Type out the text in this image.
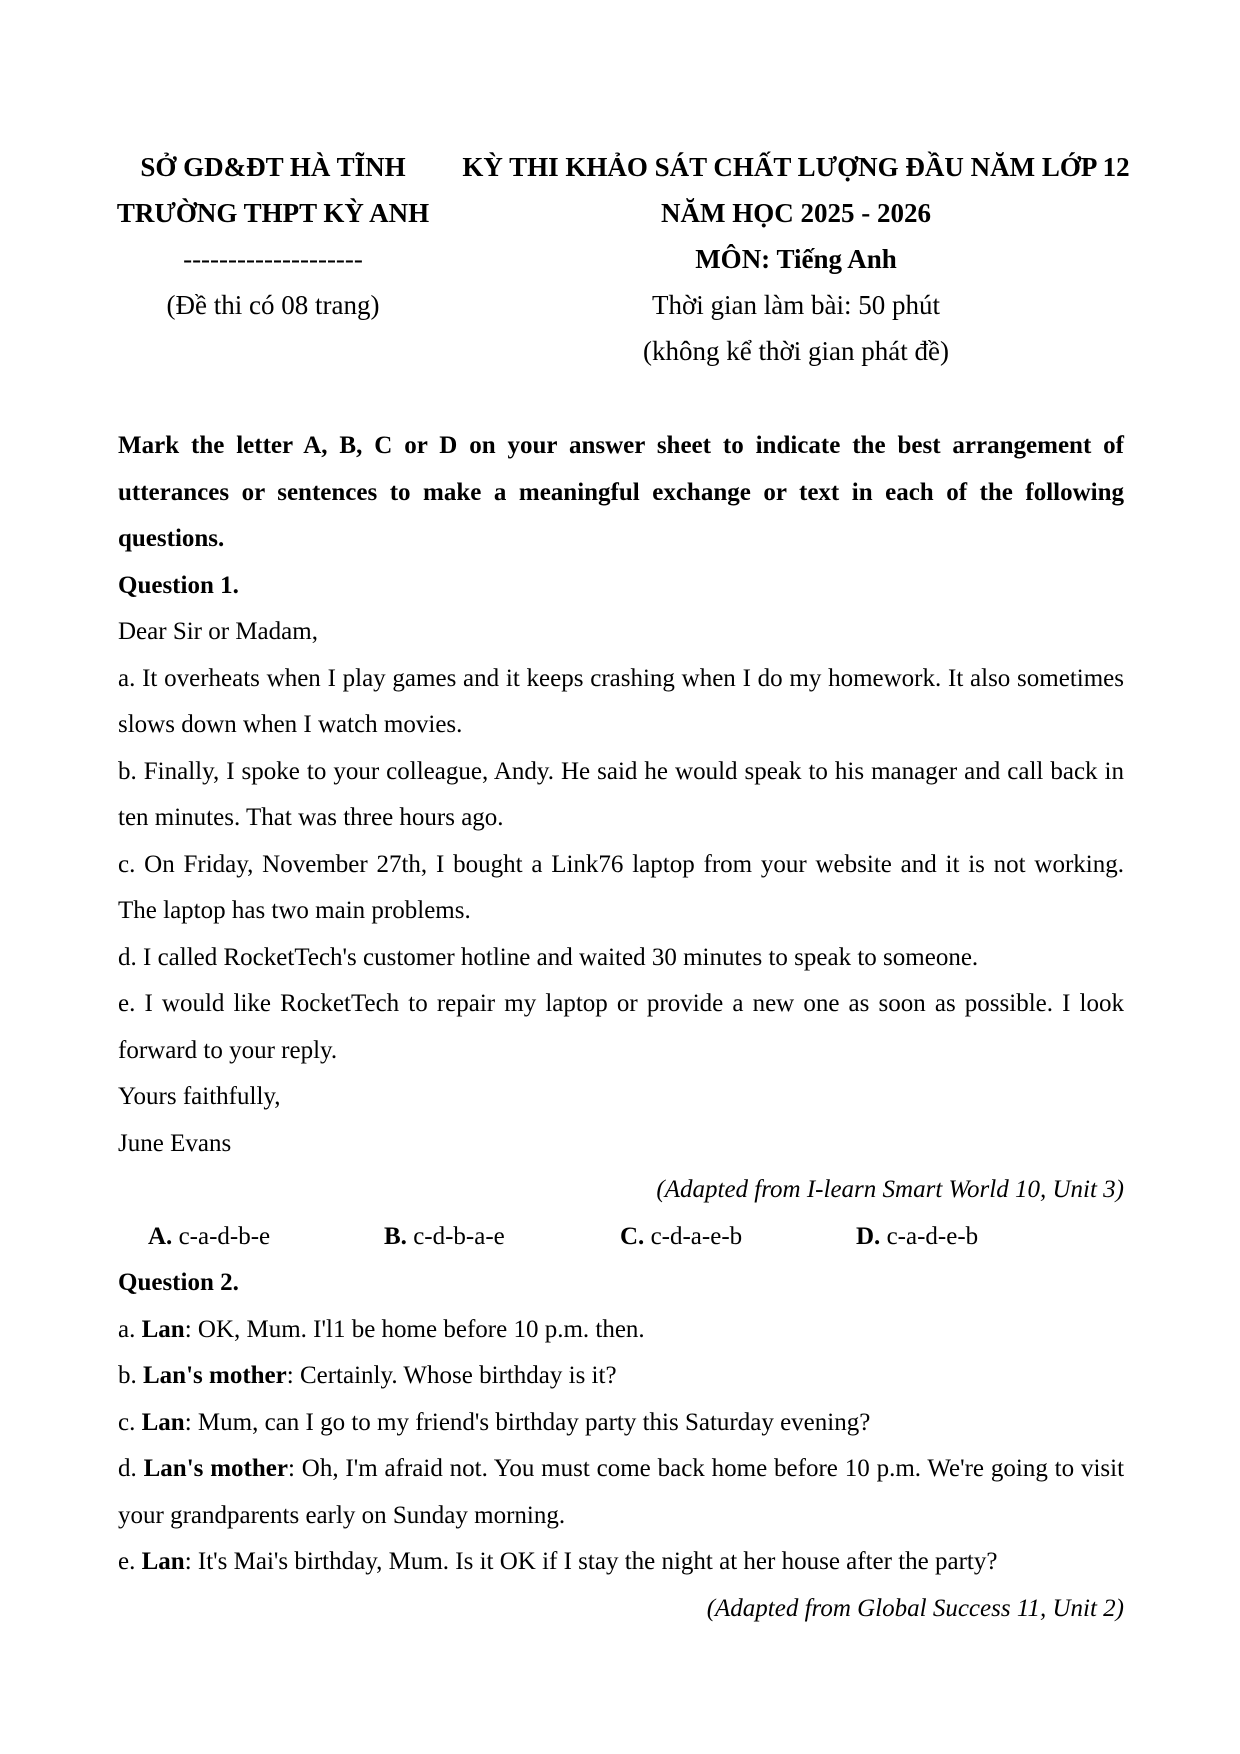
SỞ GD&ĐT HÀ TĨNH
TRƯỜNG THPT KỲ ANH
--------------------
(Đề thi có 08 trang)
KỲ THI KHẢO SÁT CHẤT LƯỢNG ĐẦU NĂM LỚP 12
NĂM HỌC 2025 - 2026
MÔN: Tiếng Anh
Thời gian làm bài: 50 phút
(không kể thời gian phát đề)
Mark the letter A, B, C or D on your answer sheet to indicate the best arrangement of utterances or sentences to make a meaningful exchange or text in each of the following questions.
Question 1.
Dear Sir or Madam,
a. It overheats when I play games and it keeps crashing when I do my homework. It also sometimes slows down when I watch movies.
b. Finally, I spoke to your colleague, Andy. He said he would speak to his manager and call back in ten minutes. That was three hours ago.
c. On Friday, November 27th, I bought a Link76 laptop from your website and it is not working. The laptop has two main problems.
d. I called RocketTech's customer hotline and waited 30 minutes to speak to someone.
e. I would like RocketTech to repair my laptop or provide a new one as soon as possible. I look forward to your reply.
Yours faithfully,
June Evans
(Adapted from I-learn Smart World 10, Unit 3)
A. c-a-d-b-e	B. c-d-b-a-e	C. c-d-a-e-b	D. c-a-d-e-b
Question 2.
a. Lan: OK, Mum. I'l1 be home before 10 p.m. then.
b. Lan's mother: Certainly. Whose birthday is it?
c. Lan: Mum, can I go to my friend's birthday party this Saturday evening?
d. Lan's mother: Oh, I'm afraid not. You must come back home before 10 p.m. We're going to visit your grandparents early on Sunday morning.
e. Lan: It's Mai's birthday, Mum. Is it OK if I stay the night at her house after the party?
(Adapted from Global Success 11, Unit 2)
